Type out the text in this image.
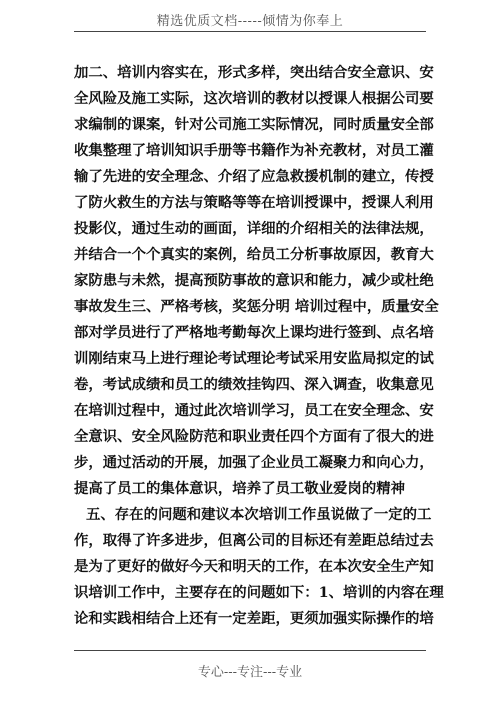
精选优质文档-----倾情为你奉上
加二、培训内容实在，形式多样，突出结合安全意识、安
全风险及施工实际，这次培训的教材以授课人根据公司要
求编制的课案，针对公司施工实际情况，同时质量安全部
收集整理了培训知识手册等书籍作为补充教材，对员工灌
输了先进的安全理念、介绍了应急救援机制的建立，传授
了防火救生的方法与策略等等在培训授课中，授课人利用
投影仪，通过生动的画面，详细的介绍相关的法律法规，
并结合一个个真实的案例，给员工分析事故原因，教育大
家防患与未然，提高预防事故的意识和能力，减少或杜绝
事故发生三、严格考核，奖惩分明 培训过程中，质量安全
部对学员进行了严格地考勤每次上课均进行签到、点名培
训刚结束马上进行理论考试理论考试采用安监局拟定的试
卷，考试成绩和员工的绩效挂钩四、深入调查，收集意见
在培训过程中，通过此次培训学习，员工在安全理念、安
全意识、安全风险防范和职业责任四个方面有了很大的进
步，通过活动的开展，加强了企业员工凝聚力和向心力，
提高了员工的集体意识，培养了员工敬业爱岗的精神
五、存在的问题和建议本次培训工作虽说做了一定的工
作，取得了许多进步，但离公司的目标还有差距总结过去
是为了更好的做好今天和明天的工作，在本次安全生产知
识培训工作中，主要存在的问题如下：1、培训的内容在理
论和实践相结合上还有一定差距，更须加强实际操作的培
专心---专注---专业
